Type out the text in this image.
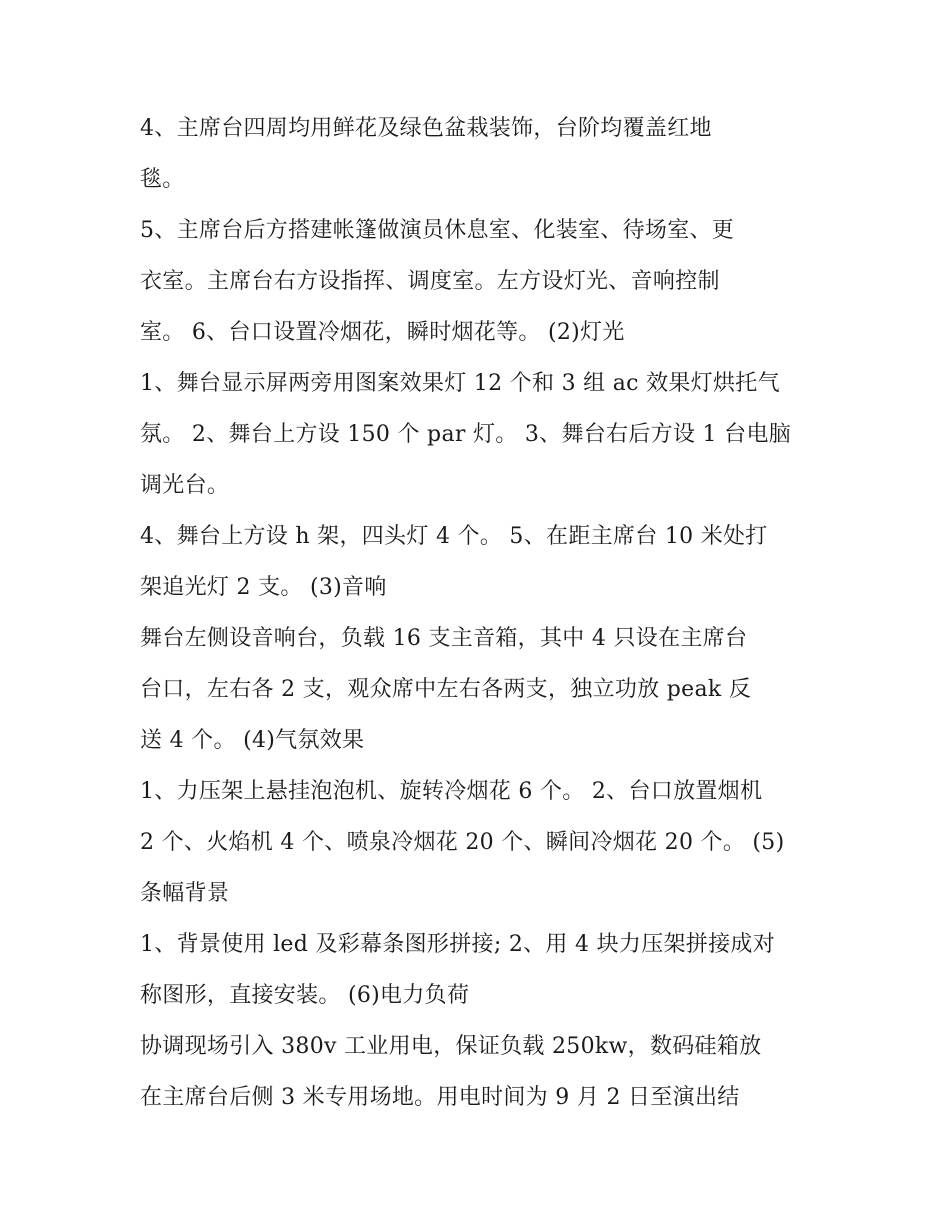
4、主席台四周均用鲜花及绿色盆栽装饰，台阶均覆盖红地
毯。
5、主席台后方搭建帐篷做演员休息室、化装室、待场室、更
衣室。主席台右方设指挥、调度室。左方设灯光、音响控制
室。 6、台口设置冷烟花，瞬时烟花等。 (2)灯光
1、舞台显示屏两旁用图案效果灯 12 个和 3 组 ac 效果灯烘托气
氛。 2、舞台上方设 150 个 par 灯。 3、舞台右后方设 1 台电脑
调光台。
4、舞台上方设 h 架，四头灯 4 个。 5、在距主席台 10 米处打
架追光灯 2 支。 (3)音响
舞台左侧设音响台，负载 16 支主音箱，其中 4 只设在主席台
台口，左右各 2 支，观众席中左右各两支，独立功放 peak 反
送 4 个。 (4)气氛效果
1、力压架上悬挂泡泡机、旋转冷烟花 6 个。 2、台口放置烟机
2 个、火焰机 4 个、喷泉冷烟花 20 个、瞬间冷烟花 20 个。 (5)
条幅背景
1、背景使用 led 及彩幕条图形拼接; 2、用 4 块力压架拼接成对
称图形，直接安装。 (6)电力负荷
协调现场引入 380v 工业用电，保证负载 250kw，数码硅箱放
在主席台后侧 3 米专用场地。用电时间为 9 月 2 日至演出结
